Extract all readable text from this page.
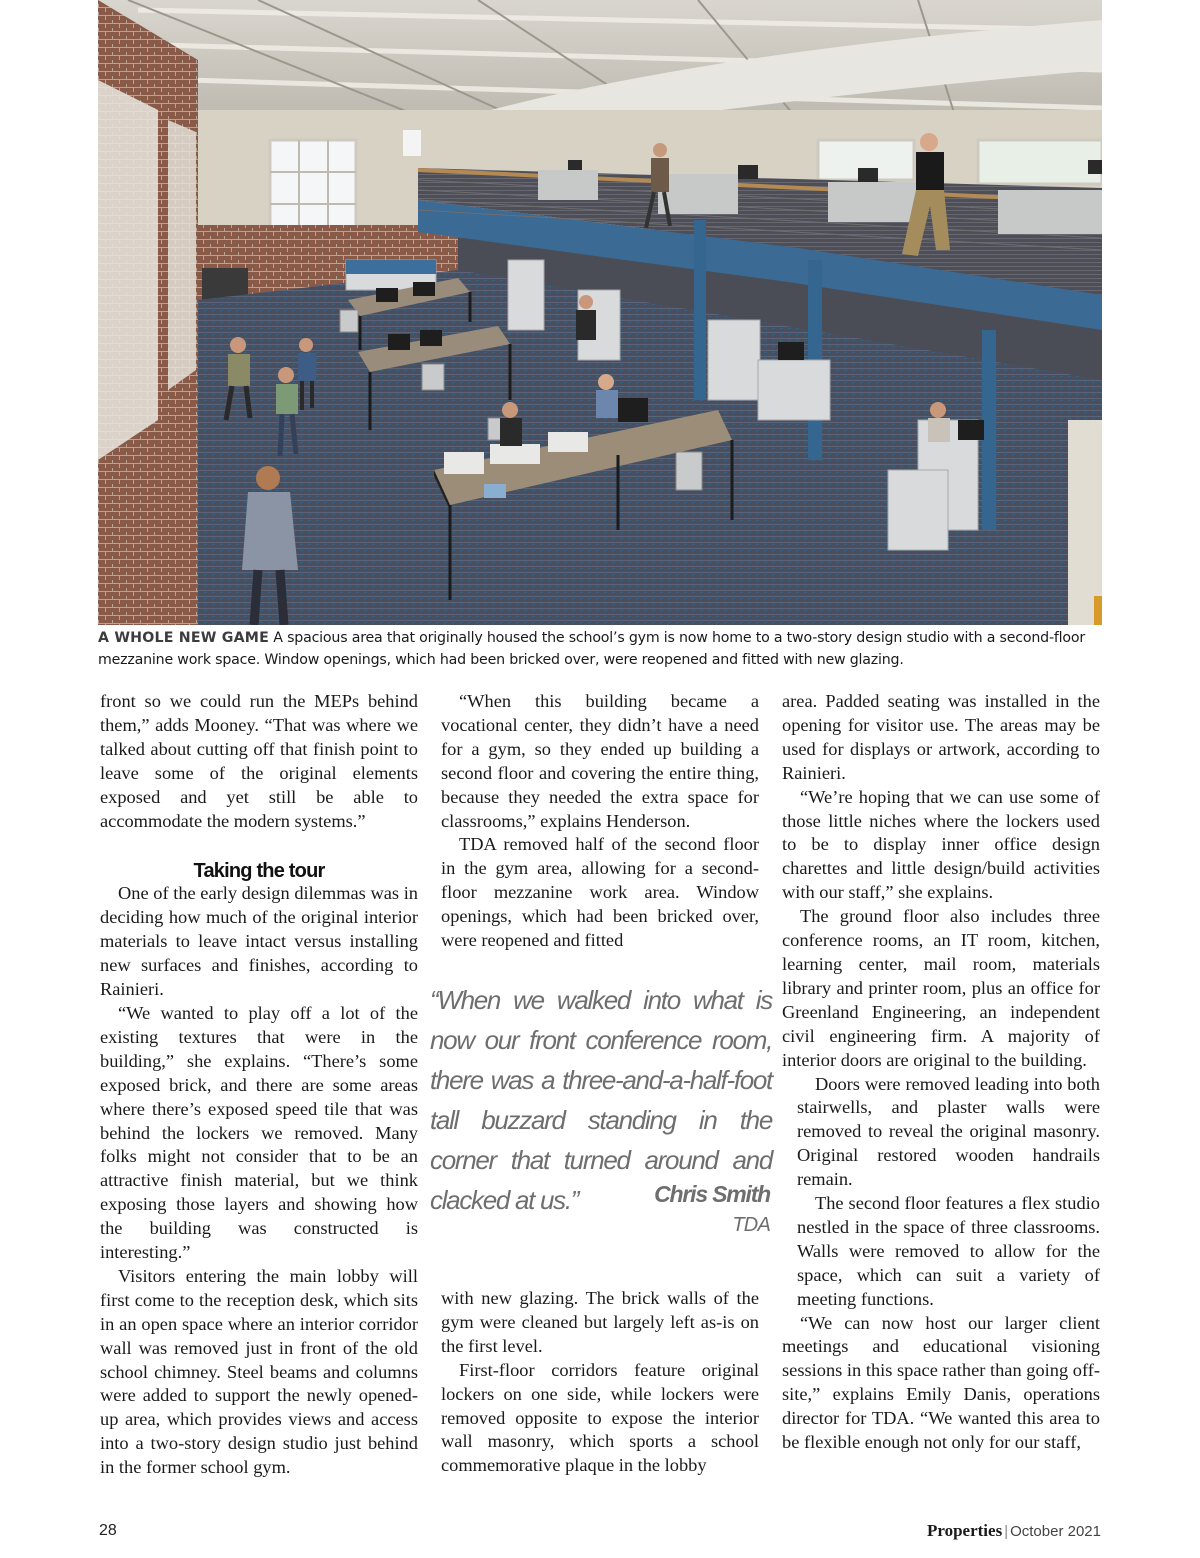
A WHOLE NEW GAME A spacious area that originally housed the school’s gym is now home to a two-story design studio with a second-floor mezzanine work space. Window openings, which had been bricked over, were reopened and fitted with new glazing.

front so we could run the MEPs behind them,” adds Mooney. “That was where we talked about cutting off that finish point to leave some of the original elements exposed and yet still be able to accommodate the modern systems.”

Taking the tour

One of the early design dilemmas was in deciding how much of the original interior materials to leave intact versus installing new surfaces and finishes, according to Rainieri.

“We wanted to play off a lot of the existing textures that were in the building,” she explains. “There’s some exposed brick, and there are some areas where there’s exposed speed tile that was behind the lockers we removed. Many folks might not consider that to be an attractive finish material, but we think exposing those layers and showing how the building was constructed is interesting.”

Visitors entering the main lobby will first come to the reception desk, which sits in an open space where an interior corridor wall was removed just in front of the old school chimney. Steel beams and columns were added to support the newly opened-up area, which provides views and access into a two-story design studio just behind in the former school gym.

“When this building became a vocational center, they didn’t have a need for a gym, so they ended up building a second floor and covering the entire thing, because they needed the extra space for classrooms,” explains Henderson.

TDA removed half of the second floor in the gym area, allowing for a second-floor mezzanine work area. Window openings, which had been bricked over, were reopened and fitted

“When we walked into what is now our front conference room, there was a three-and-a-half-foot tall buzzard standing in the corner that turned around and clacked at us.”	Chris Smith
TDA

with new glazing. The brick walls of the gym were cleaned but largely left as-is on the first level.

First-floor corridors feature original lockers on one side, while lockers were removed opposite to expose the interior wall masonry, which sports a school commemorative plaque in the lobby

area. Padded seating was installed in the opening for visitor use. The areas may be used for displays or artwork, according to Rainieri.

“We’re hoping that we can use some of those little niches where the lockers used to be to display inner office design charettes and little design/build activities with our staff,” she explains.

The ground floor also includes three conference rooms, an IT room, kitchen, learning center, mail room, materials library and printer room, plus an office for Greenland Engineering, an independent civil engineering firm. A majority of interior doors are original to the building.

Doors were removed leading into both stairwells, and plaster walls were removed to reveal the original masonry. Original restored wooden handrails remain.

The second floor features a flex studio nestled in the space of three classrooms. Walls were removed to allow for the space, which can suit a variety of meeting functions.

“We can now host our larger client meetings and educational visioning sessions in this space rather than going off-site,” explains Emily Danis, operations director for TDA. “We wanted this area to be flexible enough not only for our staff,

28	Properties | October 2021
